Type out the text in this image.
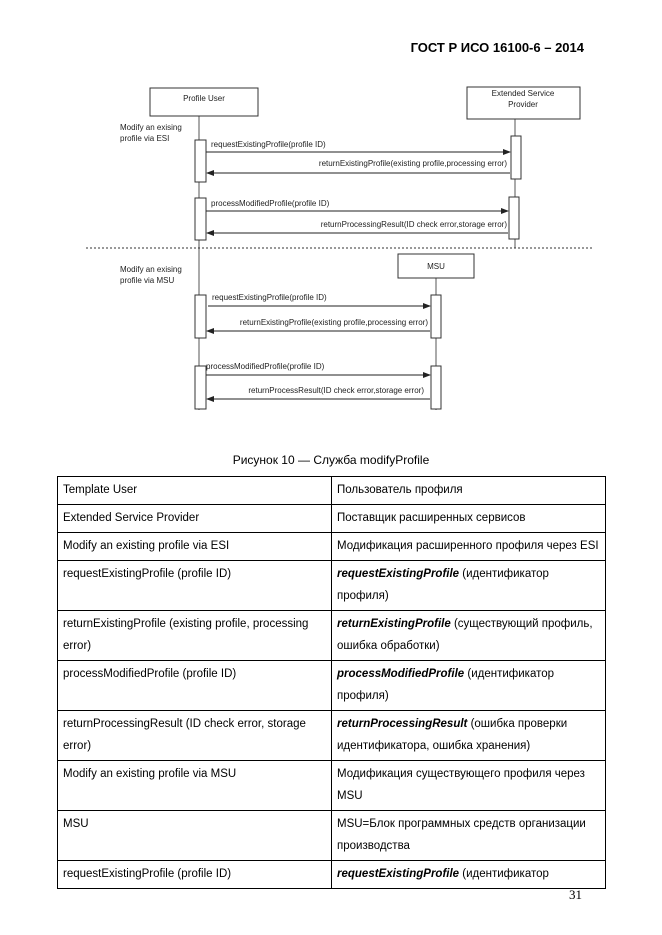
ГОСТ Р ИСО 16100-6 – 2014
Profile User
Extended Service
Provider
MSU
Modify an exising
profile via ESI
Modify an exising
profile via MSU
requestExistingProfile(profile ID)
returnExistingProfile(existing profile,processing error)
processModifiedProfile(profile ID)
returnProcessingResult(ID check error,storage error)
requestExistingProfile(profile ID)
returnExistingProfile(existing profile,processing error)
processModifiedProfile(profile ID)
returnProcessResult(ID check error,storage error)
Рисунок 10 — Служба modifyProfile
Template User	Пользователь профиля
Extended Service Provider	Поставщик расширенных сервисов
Modify an existing profile via ESI	Модификация расширенного профиля через ESI
requestExistingProfile (profile ID)	requestExistingProfile (идентификатор профиля)
returnExistingProfile (existing profile, processing error)	returnExistingProfile (существующий профиль, ошибка обработки)
processModifiedProfile (profile ID)	processModifiedProfile (идентификатор профиля)
returnProcessingResult (ID check error, storage error)	returnProcessingResult (ошибка проверки идентификатора, ошибка хранения)
Modify an existing profile via MSU	Модификация существующего профиля через MSU
MSU	MSU=Блок программных средств организации производства
requestExistingProfile (profile ID)	requestExistingProfile (идентификатор
31
